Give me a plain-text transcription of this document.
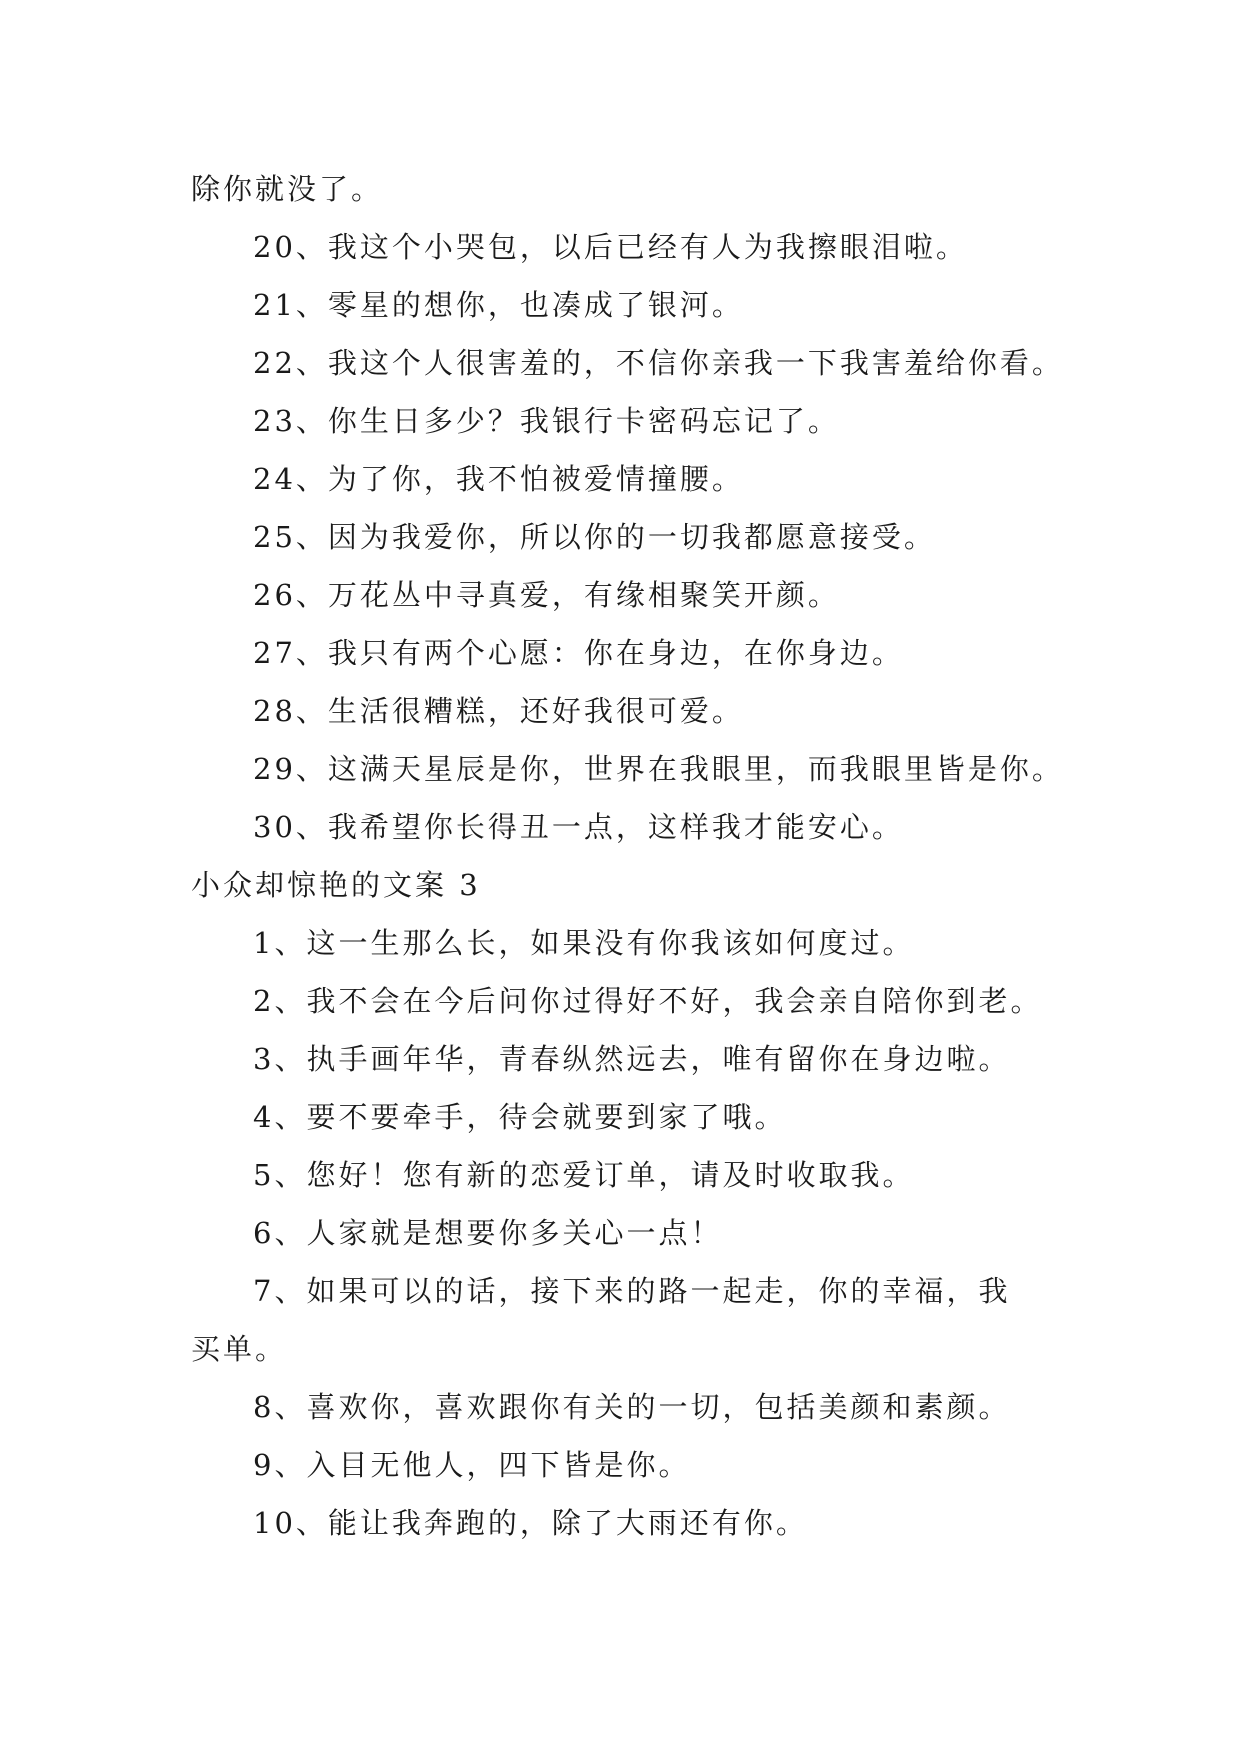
除你就没了。
20、我这个小哭包，以后已经有人为我擦眼泪啦。
21、零星的想你，也凑成了银河。
22、我这个人很害羞的，不信你亲我一下我害羞给你看。
23、你生日多少？我银行卡密码忘记了。
24、为了你，我不怕被爱情撞腰。
25、因为我爱你，所以你的一切我都愿意接受。
26、万花丛中寻真爱，有缘相聚笑开颜。
27、我只有两个心愿：你在身边，在你身边。
28、生活很糟糕，还好我很可爱。
29、这满天星辰是你，世界在我眼里，而我眼里皆是你。
30、我希望你长得丑一点，这样我才能安心。
小众却惊艳的文案 3
1、这一生那么长，如果没有你我该如何度过。
2、我不会在今后问你过得好不好，我会亲自陪你到老。
3、执手画年华，青春纵然远去，唯有留你在身边啦。
4、要不要牵手，待会就要到家了哦。
5、您好！您有新的恋爱订单，请及时收取我。
6、人家就是想要你多关心一点！
7、如果可以的话，接下来的路一起走，你的幸福，我
买单。
8、喜欢你，喜欢跟你有关的一切，包括美颜和素颜。
9、入目无他人，四下皆是你。
10、能让我奔跑的，除了大雨还有你。
